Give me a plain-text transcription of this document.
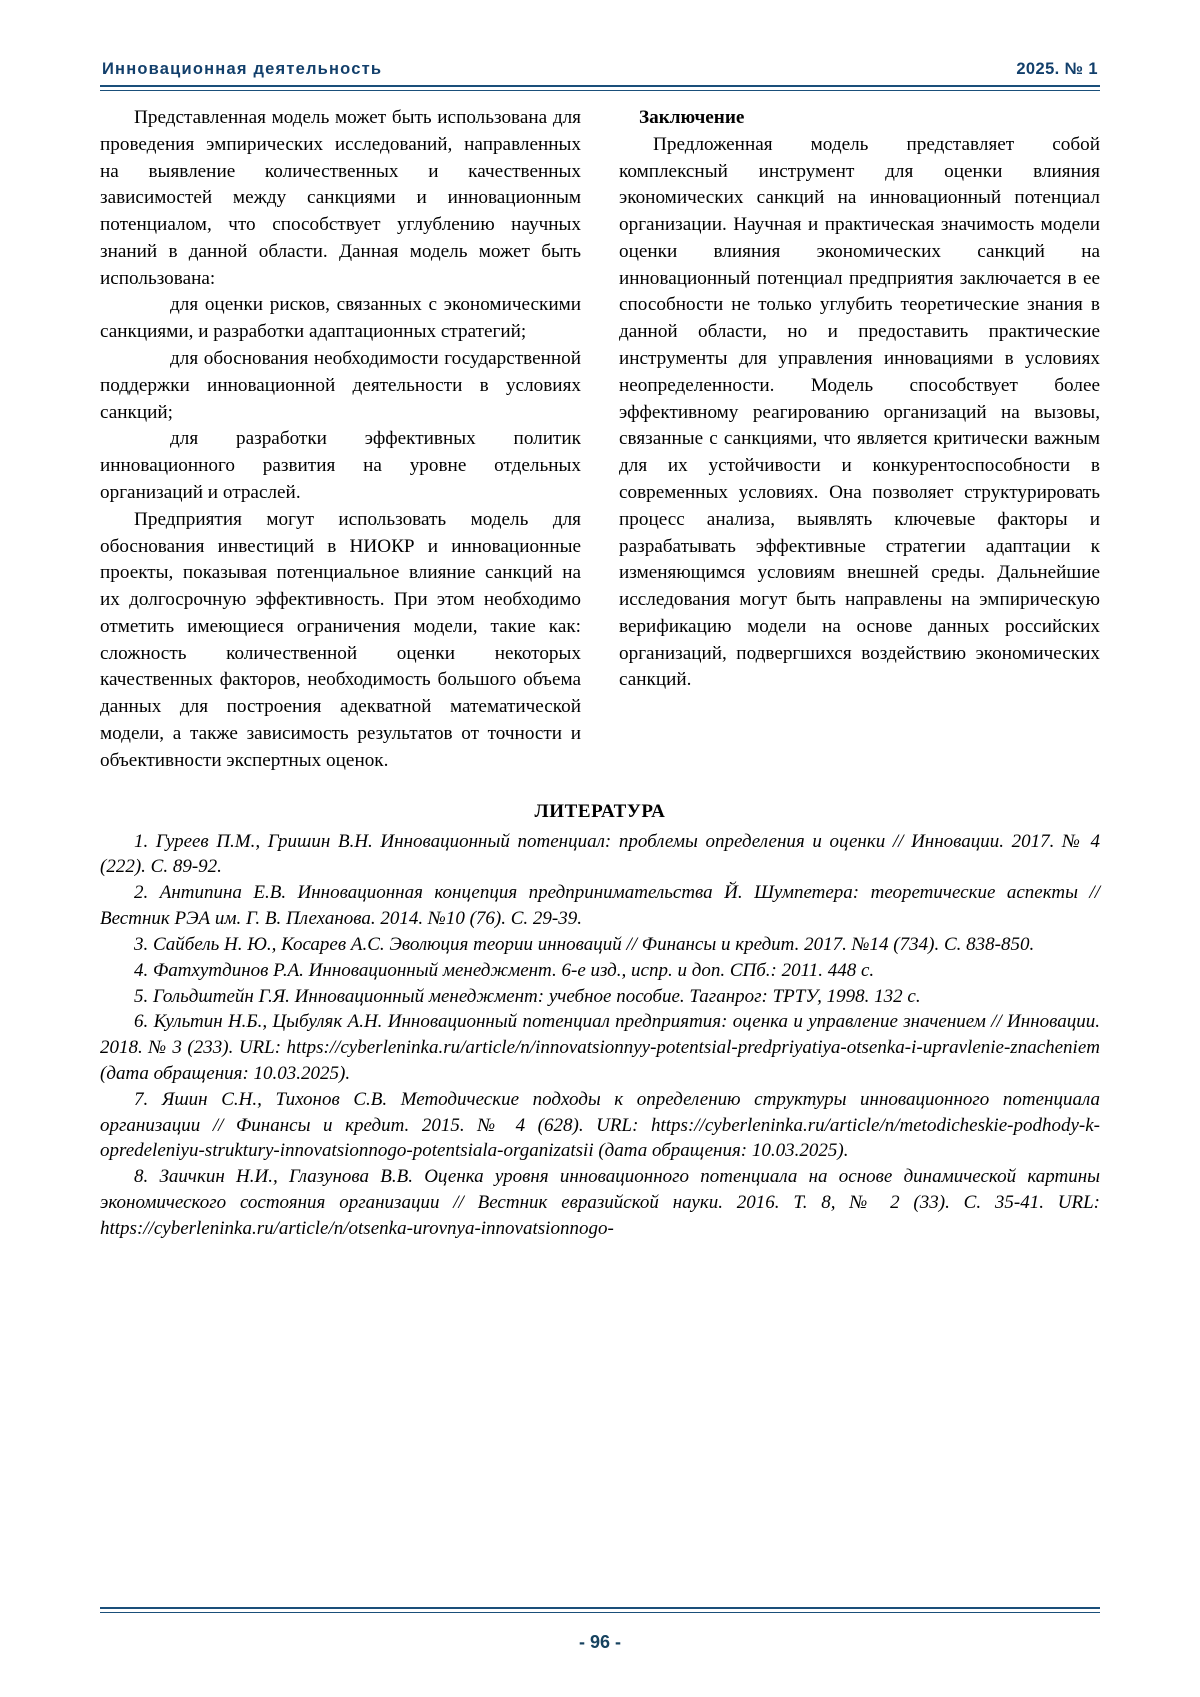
Инновационная деятельность	2025. № 1

Представленная модель может быть использована для проведения эмпирических исследований, направленных на выявление количественных и качественных зависимостей между санкциями и инновационным потенциалом, что способствует углублению научных знаний в данной области. Данная модель может быть использована:

для оценки рисков, связанных с экономическими санкциями, и разработки адаптационных стратегий;

для обоснования необходимости государственной поддержки инновационной деятельности в условиях санкций;

для разработки эффективных политик инновационного развития на уровне отдельных организаций и отраслей.

Предприятия могут использовать модель для обоснования инвестиций в НИОКР и инновационные проекты, показывая потенциальное влияние санкций на их долгосрочную эффективность. При этом необходимо отметить имеющиеся ограничения модели, такие как: сложность количественной оценки некоторых качественных факторов, необходимость большого объема данных для построения адекватной математической модели, а также зависимость результатов от точности и объективности экспертных оценок.

Заключение

Предложенная модель представляет собой комплексный инструмент для оценки влияния экономических санкций на инновационный потенциал организации. Научная и практическая значимость модели оценки влияния экономических санкций на инновационный потенциал предприятия заключается в ее способности не только углубить теоретические знания в данной области, но и предоставить практические инструменты для управления инновациями в условиях неопределенности. Модель способствует более эффективному реагированию организаций на вызовы, связанные с санкциями, что является критически важным для их устойчивости и конкурентоспособности в современных условиях. Она позволяет структурировать процесс анализа, выявлять ключевые факторы и разрабатывать эффективные стратегии адаптации к изменяющимся условиям внешней среды. Дальнейшие исследования могут быть направлены на эмпирическую верификацию модели на основе данных российских организаций, подвергшихся воздействию экономических санкций.

ЛИТЕРАТУРА

1. Гуреев П.М., Гришин В.Н. Инновационный потенциал: проблемы определения и оценки // Инновации. 2017. № 4 (222). С. 89-92.

2. Антипина Е.В. Инновационная концепция предпринимательства Й. Шумпетера: теоретические аспекты // Вестник РЭА им. Г. В. Плеханова. 2014. №10 (76). С. 29-39.

3. Сайбель Н. Ю., Косарев А.С. Эволюция теории инноваций // Финансы и кредит. 2017. №14 (734). С. 838-850.

4. Фатхутдинов Р.А. Инновационный менеджмент. 6-е изд., испр. и доп. СПб.: 2011. 448 с.

5. Гольдштейн Г.Я. Инновационный менеджмент: учебное пособие. Таганрог: ТРТУ, 1998. 132 с.

6. Культин Н.Б., Цыбуляк А.Н. Инновационный потенциал предприятия: оценка и управление значением // Инновации. 2018. № 3 (233). URL: https://cyberleninka.ru/article/n/innovatsionnyy-potentsial-predpriyatiya-otsenka-i-upravlenie-znacheniem (дата обращения: 10.03.2025).

7. Яшин С.Н., Тихонов С.В. Методические подходы к определению структуры инновационного потенциала организации // Финансы и кредит. 2015. № 4 (628). URL: https://cyberleninka.ru/article/n/metodicheskie-podhody-k-opredeleniyu-struktury-innovatsionnogo-potentsiala-organizatsii (дата обращения: 10.03.2025).

8. Заичкин Н.И., Глазунова В.В. Оценка уровня инновационного потенциала на основе динамической картины экономического состояния организации // Вестник евразийской науки. 2016. Т. 8, № 2 (33). С. 35-41. URL: https://cyberleninka.ru/article/n/otsenka-urovnya-innovatsionnogo-

- 96 -
